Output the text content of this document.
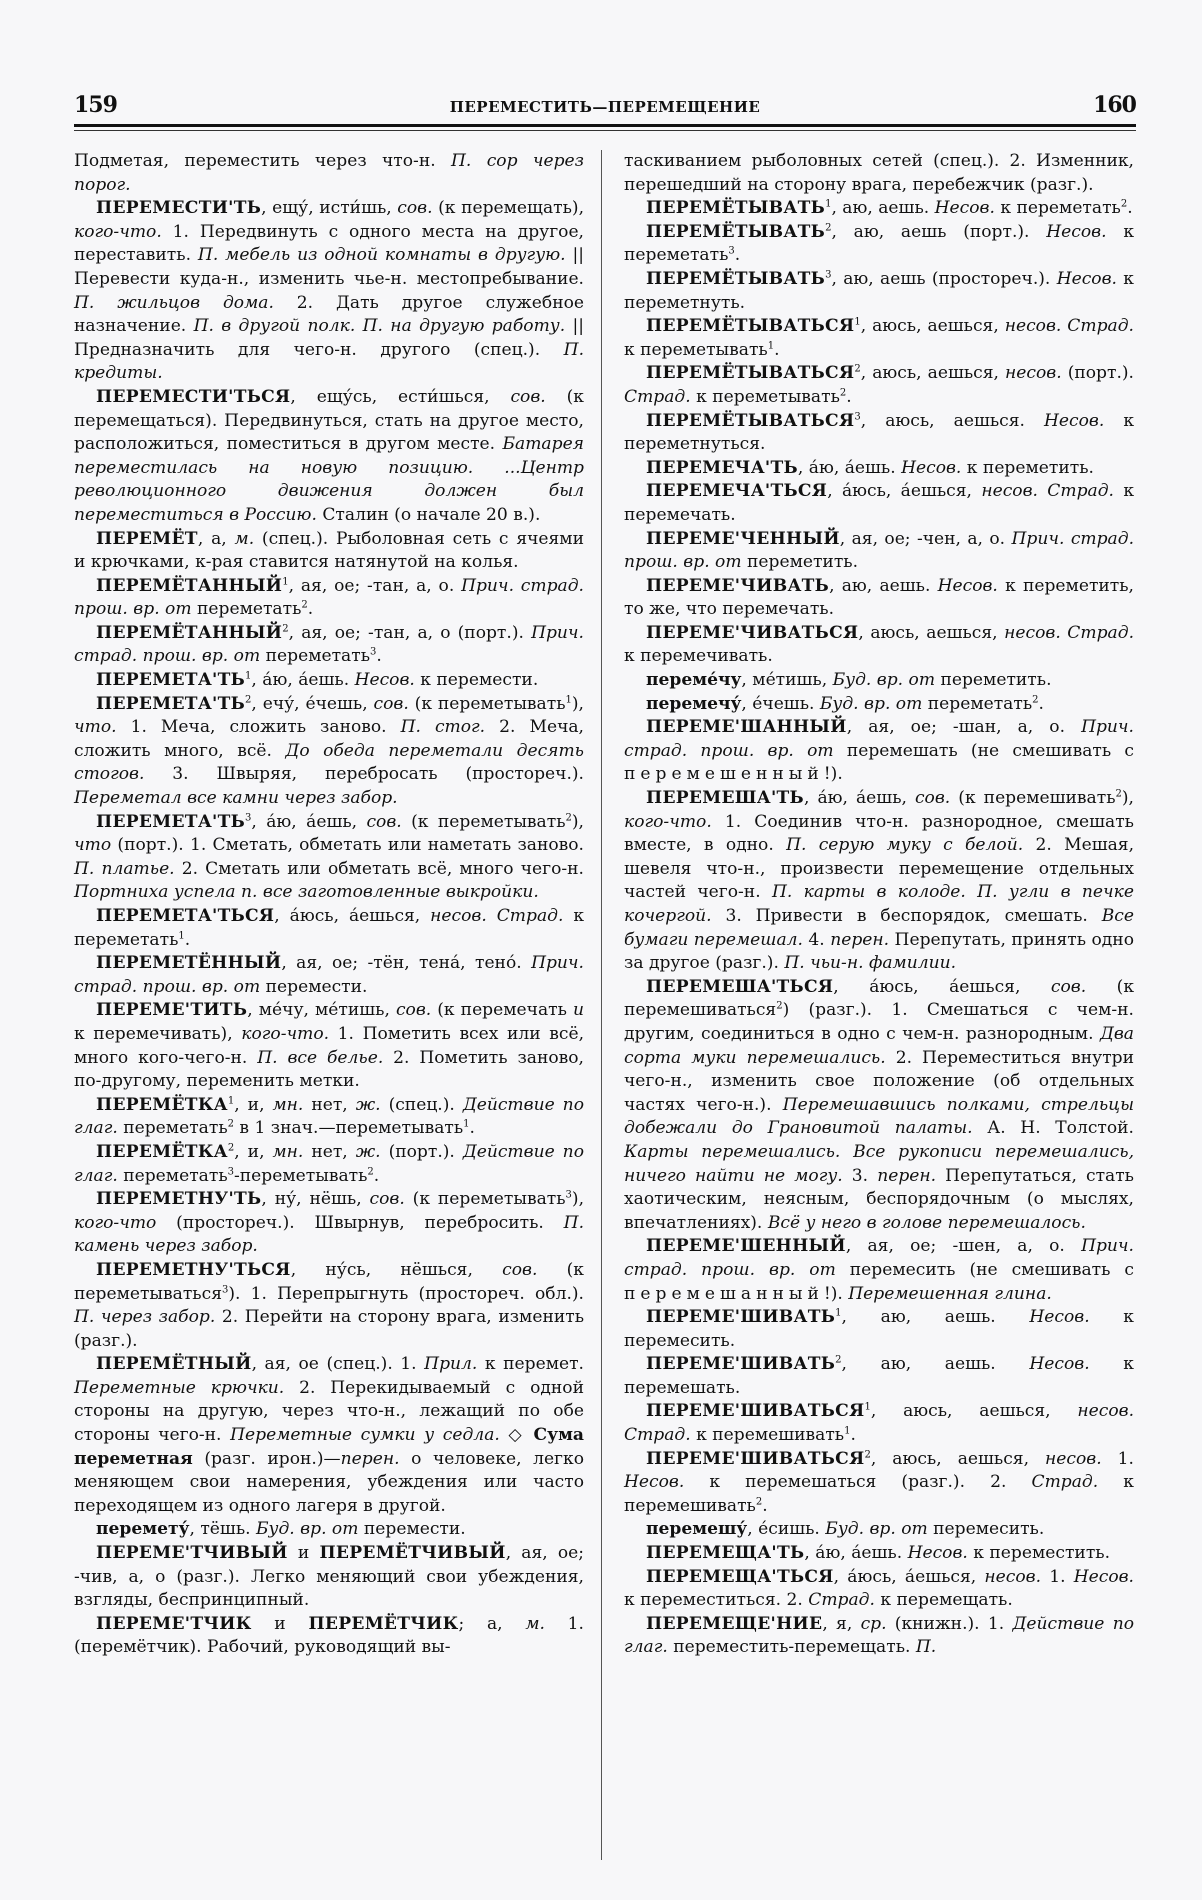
159	ПЕРЕМЕСТИТЬ—ПЕРЕМЕЩЕНИЕ	160

Подметая, переместить через что-н. П. сор через порог.

ПЕРЕМЕСТИ'ТЬ, ещу́, исти́шь, сов. (к перемещать), кого-что. 1. Передвинуть с одного места на другое, переставить. П. мебель из одной комнаты в другую. || Перевести куда-н., изменить чье-н. местопребывание. П. жильцов дома. 2. Дать другое служебное назначение. П. в другой полк. П. на другую работу. || Предназначить для чего-н. другого (спец.). П. кредиты.

ПЕРЕМЕСТИ'ТЬСЯ, ещу́сь, ести́шься, сов. (к перемещаться). Передвинуться, стать на другое место, расположиться, поместиться в другом месте. Батарея переместилась на новую позицию. ...Центр революционного движения должен был переместиться в Россию. Сталин (о начале 20 в.).

ПЕРЕМЁТ, а, м. (спец.). Рыболовная сеть с ячеями и крючками, к-рая ставится натянутой на колья.

ПЕРЕМЁТАННЫЙ$^1$, ая, ое; -тан, а, о. Прич. страд. прош. вр. от переметать$^2$.

ПЕРЕМЁТАННЫЙ$^2$, ая, ое; -тан, а, о (порт.). Прич. страд. прош. вр. от переметать$^3$.

$ПЕРЕМЕТА'ТЬ^1$, а́ю, а́ешь. Несов. к перемести.

$ПЕРЕМЕТА'ТЬ^2$, ечу́, е́чешь, сов. (к переметывать$^1$), что. 1. Меча, сложить заново. П. стог. 2. Меча, сложить много, всё. До обеда переметали десять стогов. 3. Швыряя, перебросать (простореч.). Переметал все камни через забор.

$ПЕРЕМЕТА'ТЬ^3$, а́ю, а́ешь, сов. (к переметывать$^2$), что (порт.). 1. Сметать, обметать или наметать заново. П. платье. 2. Сметать или обметать всё, много чего-н. Портниха успела п. все заготовленные выкройки.

ПЕРЕМЕТА'ТЬСЯ, а́юсь, а́ешься, несов. Страд. к переметать$^1$.

ПЕРЕМЕТЁННЫЙ, ая, ое; -тён, тена́, тено́. Прич. страд. прош. вр. от перемести.

ПЕРЕМЕ'ТИТЬ, ме́чу, ме́тишь, сов. (к перемечать и к перемечивать), кого-что. 1. Пометить всех или всё, много кого-чего-н. П. все белье. 2. Пометить заново, по-другому, переменить метки.

ПЕРЕМЁТКА$^1$, и, мн. нет, ж. (спец.). Действие по глаг. переметать$^2$ в 1 знач.—переметывать$^1$.

ПЕРЕМЁТКА$^2$, и, мн. нет, ж. (порт.). Действие по глаг. переметать$^3$-переметывать$^2$.

ПЕРЕМЕТНУ'ТЬ, ну́, нёшь, сов. (к переметывать$^3$), кого-что (простореч.). Швырнув, перебросить. П. камень через забор.

ПЕРЕМЕТНУ'ТЬСЯ, ну́сь, нёшься, сов. (к переметываться$^3$). 1. Перепрыгнуть (простореч. обл.). П. через забор. 2. Перейти на сторону врага, изменить (разг.).

ПЕРЕМЁТНЫЙ, ая, ое (спец.). 1. Прил. к перемет. Переметные крючки. 2. Перекидываемый с одной стороны на другую, через что-н., лежащий по обе стороны чего-н. Переметные сумки у седла. ◇ Сума переметная (разг. ирон.)—перен. о человеке, легко меняющем свои намерения, убеждения или часто переходящем из одного лагеря в другой.

перемету́, тёшь. Буд. вр. от перемести.

ПЕРЕМЕ'ТЧИВЫЙ и ПЕРЕМЁТЧИВЫЙ, ая, ое; -чив, а, о (разг.). Легко меняющий свои убеждения, взгляды, беспринципный.

ПЕРЕМЕ'ТЧИК и ПЕРЕМЁТЧИК; а, м. 1. (перемётчик). Рабочий, руководящий вы-

таскиванием рыболовных сетей (спец.). 2. Изменник, перешедший на сторону врага, перебежчик (разг.).

ПЕРЕМЁТЫВАТЬ$^1$, аю, аешь. Несов. к переметать$^2$.

ПЕРЕМЁТЫВАТЬ$^2$, аю, аешь (порт.). Несов. к переметать$^3$.

ПЕРЕМЁТЫВАТЬ$^3$, аю, аешь (простореч.). Несов. к переметнуть.

ПЕРЕМЁТЫВАТЬСЯ$^1$, аюсь, аешься, несов. Страд. к переметывать$^1$.

ПЕРЕМЁТЫВАТЬСЯ$^2$, аюсь, аешься, несов. (порт.). Страд. к переметывать$^2$.

ПЕРЕМЁТЫВАТЬСЯ$^3$, аюсь, аешься. Несов. к переметнуться.

ПЕРЕМЕЧА'ТЬ, а́ю, а́ешь. Несов. к переметить.

ПЕРЕМЕЧА'ТЬСЯ, а́юсь, а́ешься, несов. Страд. к перемечать.

ПЕРЕМЕ'ЧЕННЫЙ, ая, ое; -чен, а, о. Прич. страд. прош. вр. от переметить.

ПЕРЕМЕ'ЧИВАТЬ, аю, аешь. Несов. к переметить, то же, что перемечать.

ПЕРЕМЕ'ЧИВАТЬСЯ, аюсь, аешься, несов. Страд. к перемечивать.

переме́чу, ме́тишь, Буд. вр. от переметить.

перемечу́, е́чешь. Буд. вр. от переметать$^2$.

ПЕРЕМЕ'ШАННЫЙ, ая, ое; -шан, а, о. Прич. страд. прош. вр. от перемешать (не смешивать с перемешенный!).

ПЕРЕМЕША'ТЬ, а́ю, а́ешь, сов. (к перемешивать$^2$), кого-что. 1. Соединив что-н. разнородное, смешать вместе, в одно. П. серую муку с белой. 2. Мешая, шевеля что-н., произвести перемещение отдельных частей чего-н. П. карты в колоде. П. угли в печке кочергой. 3. Привести в беспорядок, смешать. Все бумаги перемешал. 4. перен. Перепутать, принять одно за другое (разг.). П. чьи-н. фамилии.

ПЕРЕМЕША'ТЬСЯ, а́юсь, а́ешься, сов. (к перемешиваться$^2$) (разг.). 1. Смешаться с чем-н. другим, соединиться в одно с чем-н. разнородным. Два сорта муки перемешались. 2. Переместиться внутри чего-н., изменить свое положение (об отдельных частях чего-н.). Перемешавшись полками, стрельцы добежали до Грановитой палаты. А. Н. Толстой. Карты перемешались. Все рукописи перемешались, ничего найти не могу. 3. перен. Перепутаться, стать хаотическим, неясным, беспорядочным (о мыслях, впечатлениях). Всё у него в голове перемешалось.

ПЕРЕМЕ'ШЕННЫЙ, ая, ое; -шен, а, о. Прич. страд. прош. вр. от перемесить (не смешивать с перемешанный!). Перемешенная глина.

ПЕРЕМЕ'ШИВАТЬ$^1$, аю, аешь. Несов. к перемесить.

ПЕРЕМЕ'ШИВАТЬ$^2$, аю, аешь. Несов. к перемешать.

ПЕРЕМЕ'ШИВАТЬСЯ$^1$, аюсь, аешься, несов. Страд. к перемешивать$^1$.

ПЕРЕМЕ'ШИВАТЬСЯ$^2$, аюсь, аешься, несов. 1. Несов. к перемешаться (разг.). 2. Страд. к перемешивать$^2$.

перемешу́, е́сишь. Буд. вр. от перемесить.

ПЕРЕМЕЩА'ТЬ, а́ю, а́ешь. Несов. к переместить.

ПЕРЕМЕЩА'ТЬСЯ, а́юсь, а́ешься, несов. 1. Несов. к переместиться. 2. Страд. к перемещать.

ПЕРЕМЕЩЕ'НИЕ, я, ср. (книжн.). 1. Действие по глаг. переместить-перемещать. П.
